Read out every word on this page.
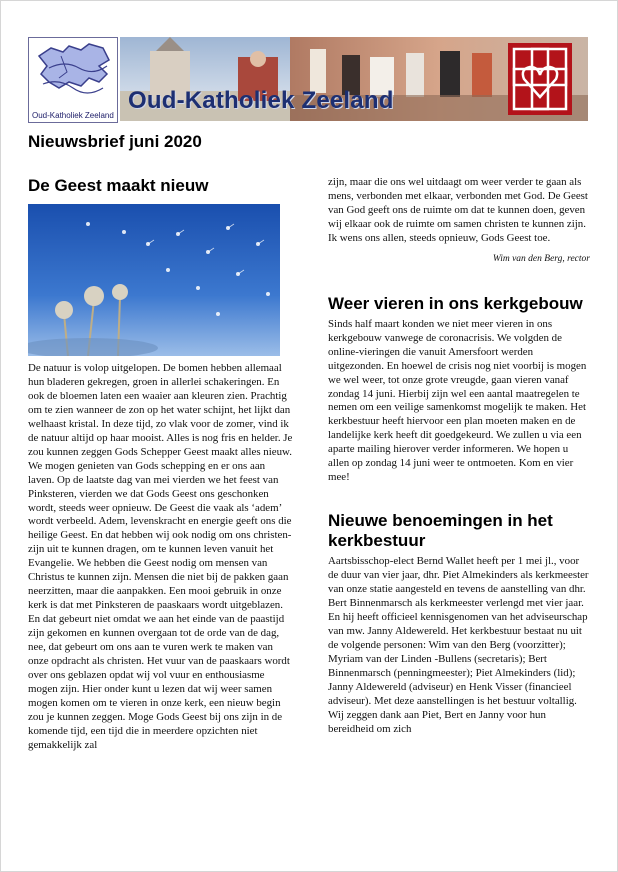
Oud-Katholiek Zeeland
Oud-Katholiek Zeeland
Nieuwsbrief juni 2020
De Geest maakt nieuw
De natuur is volop uitgelopen. De bomen hebben allemaal hun bladeren gekregen, groen in allerlei schakeringen. En ook de bloemen laten een waaier aan kleuren zien. Prachtig om te zien wanneer de zon op het water schijnt, het lijkt dan welhaast kristal. In deze tijd, zo vlak voor de zomer, vind ik de natuur altijd op haar mooist. Alles is nog fris en helder. Je zou kunnen zeggen Gods Schepper Geest maakt alles nieuw. We mogen genieten van Gods schepping en er ons aan laven. Op de laatste dag van mei vierden we het feest van Pinksteren, vierden we dat Gods Geest ons geschonken wordt, steeds weer opnieuw. De Geest die vaak als ‘adem’ wordt verbeeld. Adem, levenskracht en energie geeft ons die heilige Geest. En dat hebben wij ook nodig om ons christen-zijn uit te kunnen dragen, om te kunnen leven vanuit het Evangelie. We hebben die Geest nodig om mensen van Christus te kunnen zijn. Mensen die niet bij de pakken gaan neerzitten, maar die aanpakken. Een mooi gebruik in onze kerk is dat met Pinksteren de paaskaars wordt uitgeblazen. En dat gebeurt niet omdat we aan het einde van de paastijd zijn gekomen en kunnen overgaan tot de orde van de dag, nee, dat gebeurt om ons aan te vuren werk te maken van onze opdracht als christen. Het vuur van de paaskaars wordt over ons geblazen opdat wij vol vuur en enthousiasme mogen zijn. Hier onder kunt u lezen dat wij weer samen mogen komen om te vieren in onze kerk, een nieuw begin zou je kunnen zeggen. Moge Gods Geest bij ons zijn in de komende tijd, een tijd die in meerdere opzichten niet gemakkelijk zal
zijn, maar die ons wel uitdaagt om weer verder te gaan als mens, verbonden met elkaar, verbonden met God. De Geest van God geeft ons de ruimte om dat te kunnen doen, geven wij elkaar ook de ruimte om samen christen te kunnen zijn. Ik wens ons allen, steeds opnieuw, Gods Geest toe.
Wim van den Berg, rector
Weer vieren in ons kerkgebouw
Sinds half maart konden we niet meer vieren in ons kerkgebouw vanwege de coronacrisis. We volgden de online-vieringen die vanuit Amersfoort werden uitgezonden. En hoewel de crisis nog niet voorbij is mogen we wel weer, tot onze grote vreugde, gaan vieren vanaf zondag 14 juni. Hierbij zijn wel een aantal maatregelen te nemen om een veilige samenkomst mogelijk te maken. Het kerkbestuur heeft hiervoor een plan moeten maken en de landelijke kerk heeft dit goedgekeurd. We zullen u via een aparte mailing hierover verder informeren. We hopen u allen op zondag 14 juni weer te ontmoeten. Kom en vier mee!
Nieuwe benoemingen in het kerkbestuur
Aartsbisschop-elect Bernd Wallet heeft per 1 mei jl., voor de duur van vier jaar, dhr. Piet Almekinders als kerkmeester van onze statie aangesteld en tevens de aanstelling van dhr. Bert Binnenmarsch als kerkmeester verlengd met vier jaar. En hij heeft officieel kennisgenomen van het adviseurschap van mw. Janny Aldewereld. Het kerkbestuur bestaat nu uit de volgende personen: Wim van den Berg (voorzitter); Myriam van der Linden -Bullens (secretaris); Bert Binnenmarsch (penningmeester); Piet Almekinders (lid); Janny Aldewereld (adviseur) en Henk Visser (financieel adviseur). Met deze aanstellingen is het bestuur voltallig. Wij zeggen dank aan Piet, Bert en Janny voor hun bereidheid om zich
